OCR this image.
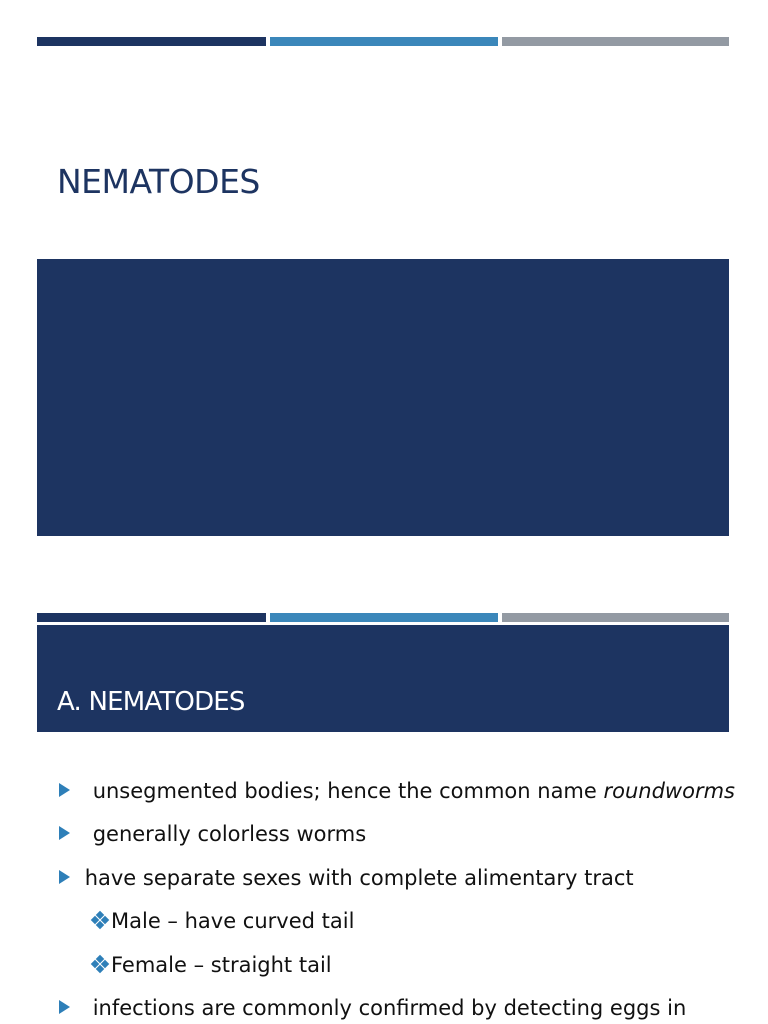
NEMATODES
A. NEMATODES
unsegmented bodies; hence the common name roundworms
generally colorless worms
have separate sexes with complete alimentary tract
Male – have curved tail
Female – straight tail
infections are commonly confirmed by detecting eggs in
